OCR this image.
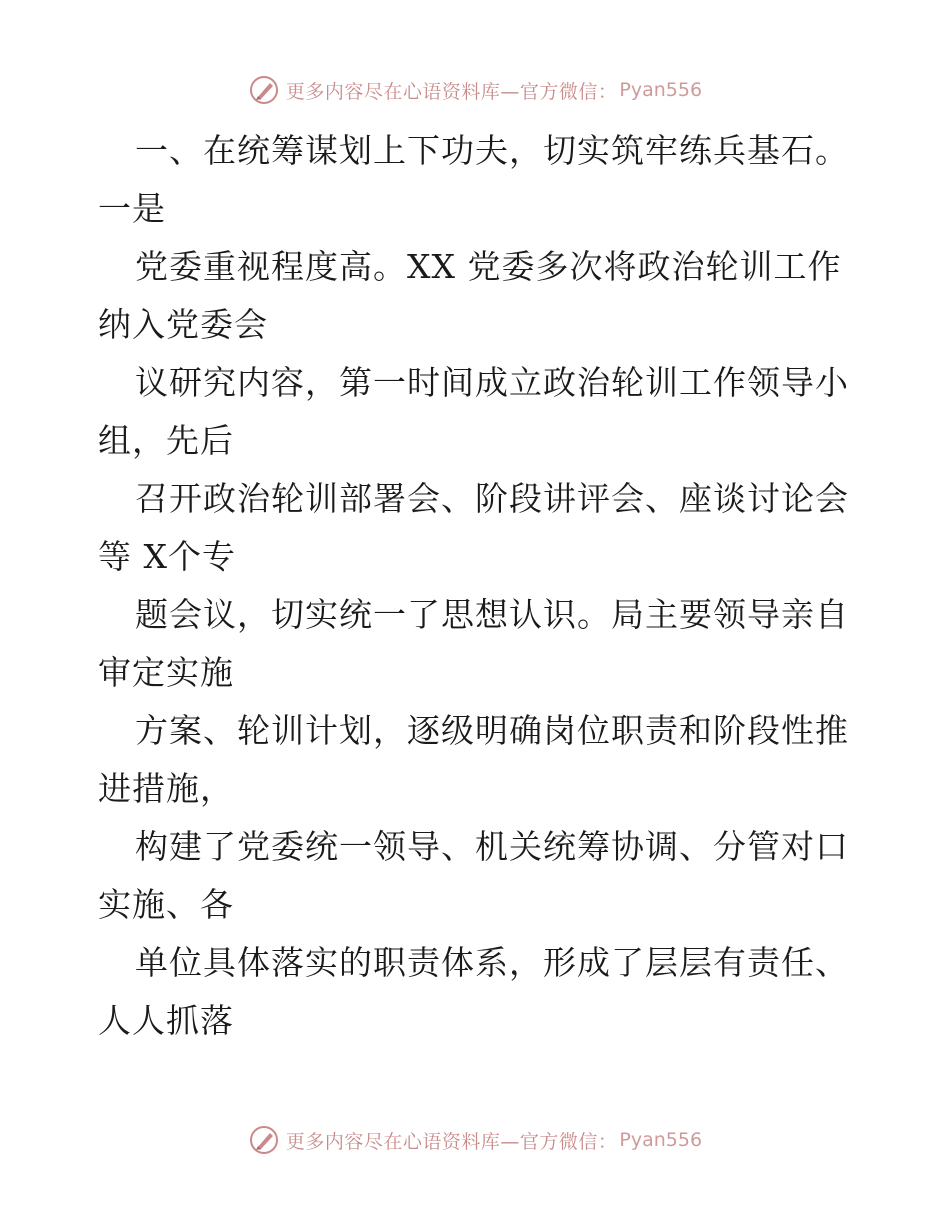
更多内容尽在心语资料库—官方微信： Pyan556
一、在统筹谋划上下功夫，切实筑牢练兵基石。
一是
党委重视程度高。XX 党委多次将政治轮训工作
纳入党委会
议研究内容，第一时间成立政治轮训工作领导小
组，先后
召开政治轮训部署会、阶段讲评会、座谈讨论会
等 X个专
题会议，切实统一了思想认识。局主要领导亲自
审定实施
方案、轮训计划，逐级明确岗位职责和阶段性推
进措施，
构建了党委统一领导、机关统筹协调、分管对口
实施、各
单位具体落实的职责体系，形成了层层有责任、
人人抓落
更多内容尽在心语资料库—官方微信： Pyan556
